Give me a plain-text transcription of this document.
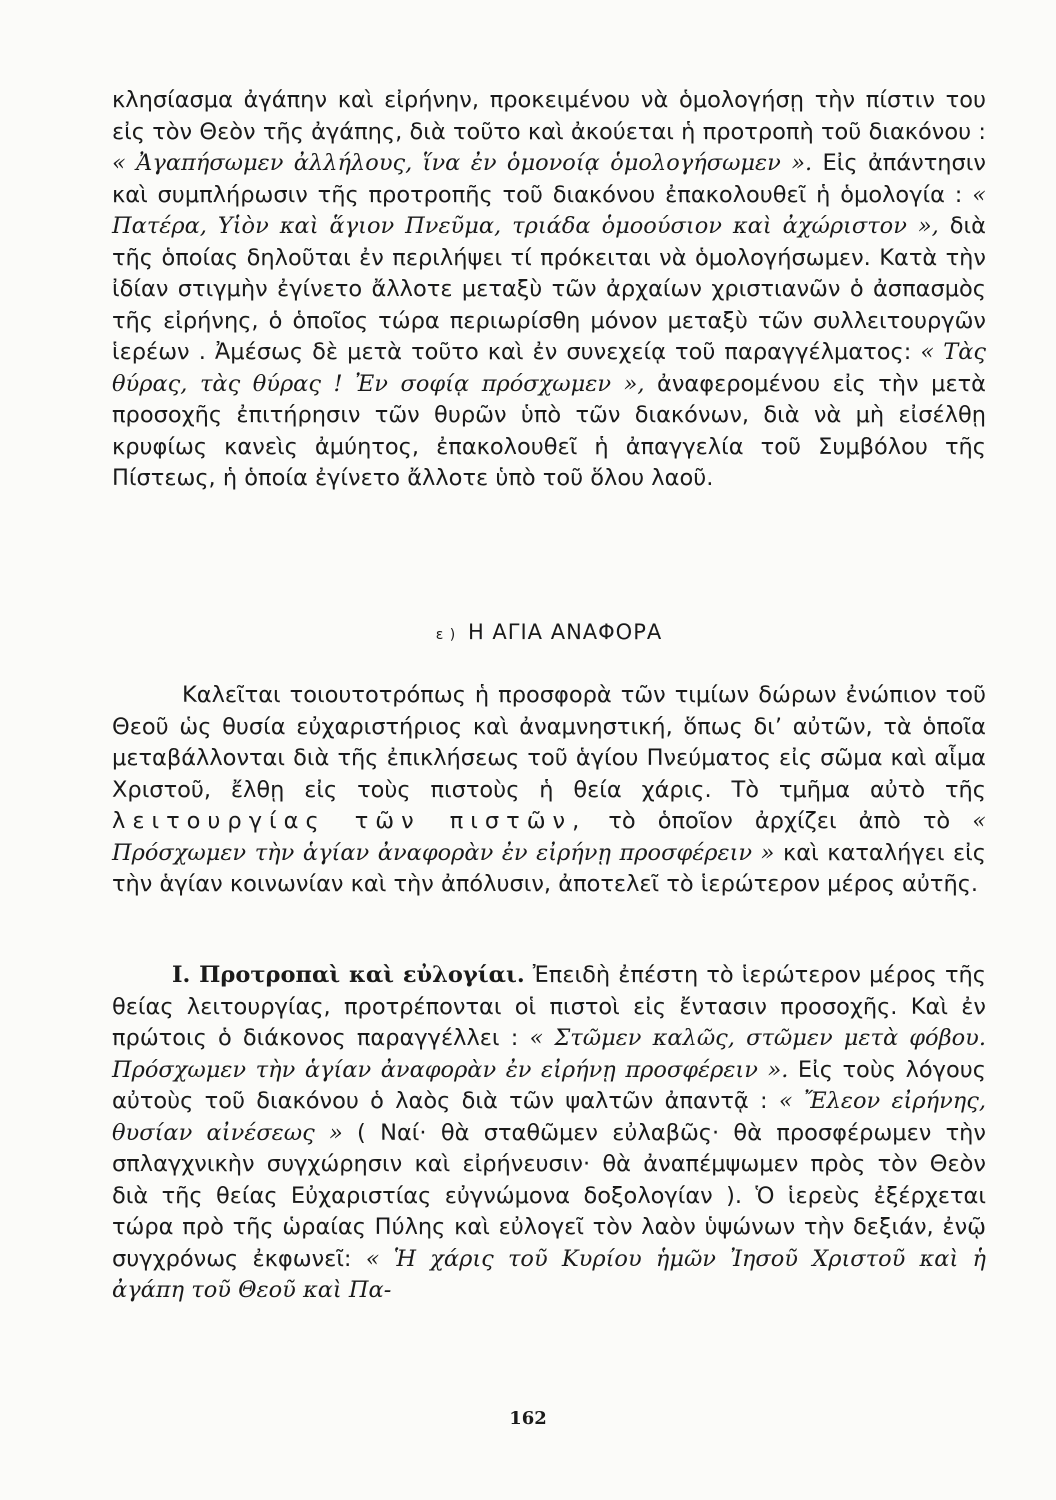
κλησίασμα ἀγάπην καὶ εἰρήνην, προκειμένου νὰ ὁμολογήσῃ τὴν πίστιν του εἰς τὸν Θεὸν τῆς ἀγάπης, διὰ τοῦτο καὶ ἀκούεται ἡ προτροπὴ τοῦ διακόνου : « Ἀγαπήσωμεν ἀλλήλους, ἵνα ἐν ὁμονοίᾳ ὁμολογήσωμεν ». Εἰς ἀπάντησιν καὶ συμπλήρωσιν τῆς προτροπῆς τοῦ διακόνου ἐπακολουθεῖ ἡ ὁμολογία : « Πατέρα, Υἱὸν καὶ ἅγιον Πνεῦμα, τριάδα ὁμοούσιον καὶ ἀχώριστον », διὰ τῆς ὁποίας δηλοῦται ἐν περιλήψει τί πρόκειται νὰ ὁμολογήσωμεν. Κατὰ τὴν ἰδίαν στιγμὴν ἐγίνετο ἄλλοτε μεταξὺ τῶν ἀρχαίων χριστιανῶν ὁ ἀσπασμὸς τῆς εἰρήνης, ὁ ὁποῖος τώρα περιωρίσθη μόνον μεταξὺ τῶν συλλειτουργῶν ἱερέων . Ἀμέσως δὲ μετὰ τοῦτο καὶ ἐν συνεχείᾳ τοῦ παραγγέλματος: « Τὰς θύρας, τὰς θύρας ! Ἐν σοφίᾳ πρόσχωμεν », ἀναφερομένου εἰς τὴν μετὰ προσοχῆς ἐπιτήρησιν τῶν θυρῶν ὑπὸ τῶν διακόνων, διὰ νὰ μὴ εἰσέλθῃ κρυφίως κανεὶς ἀμύητος, ἐπακολουθεῖ ἡ ἀπαγγελία τοῦ Συμβόλου τῆς Πίστεως, ἡ ὁποία ἐγίνετο ἄλλοτε ὑπὸ τοῦ ὅλου λαοῦ.
ε ) Η ΑΓΙΑ ΑΝΑΦΟΡΑ
Καλεῖται τοιουτοτρόπως ἡ προσφορὰ τῶν τιμίων δώρων ἐνώπιον τοῦ Θεοῦ ὡς θυσία εὐχαριστήριος καὶ ἀναμνηστική, ὅπως δι’ αὐτῶν, τὰ ὁποῖα μεταβάλλονται διὰ τῆς ἐπικλήσεως τοῦ ἁγίου Πνεύματος εἰς σῶμα καὶ αἷμα Χριστοῦ, ἔλθῃ εἰς τοὺς πιστοὺς ἡ θεία χάρις. Τὸ τμῆμα αὐτὸ τῆς λειτουργίας τῶν πιστῶν, τὸ ὁποῖον ἀρχίζει ἀπὸ τὸ « Πρόσχωμεν τὴν ἁγίαν ἀναφορὰν ἐν εἰρήνῃ προσφέρειν » καὶ καταλήγει εἰς τὴν ἁγίαν κοινωνίαν καὶ τὴν ἀπόλυσιν, ἀποτελεῖ τὸ ἱερώτερον μέρος αὐτῆς.
I. Προτροπαὶ καὶ εὐλογίαι. Ἐπειδὴ ἐπέστη τὸ ἱερώτερον μέρος τῆς θείας λειτουργίας, προτρέπονται οἱ πιστοὶ εἰς ἔντασιν προσοχῆς. Καὶ ἐν πρώτοις ὁ διάκονος παραγγέλλει : « Στῶμεν καλῶς, στῶμεν μετὰ φόβου. Πρόσχωμεν τὴν ἁγίαν ἀναφορὰν ἐν εἰρήνῃ προσφέρειν ». Εἰς τοὺς λόγους αὐτοὺς τοῦ διακόνου ὁ λαὸς διὰ τῶν ψαλτῶν ἀπαντᾷ : « Ἔλεον εἰρήνης, θυσίαν αἰνέσεως » ( Ναί· θὰ σταθῶμεν εὐλαβῶς· θὰ προσφέρωμεν τὴν σπλαγχνικὴν συγχώρησιν καὶ εἰρήνευσιν· θὰ ἀναπέμψωμεν πρὸς τὸν Θεὸν διὰ τῆς θείας Εὐχαριστίας εὐγνώμονα δοξολογίαν ). Ὁ ἱερεὺς ἐξέρχεται τώρα πρὸ τῆς ὡραίας Πύλης καὶ εὐλογεῖ τὸν λαὸν ὑψώνων τὴν δεξιάν, ἐνῷ συγχρόνως ἐκφωνεῖ: « Ἡ χάρις τοῦ Κυρίου ἡμῶν Ἰησοῦ Χριστοῦ καὶ ἡ ἀγάπη τοῦ Θεοῦ καὶ Πα-
162
